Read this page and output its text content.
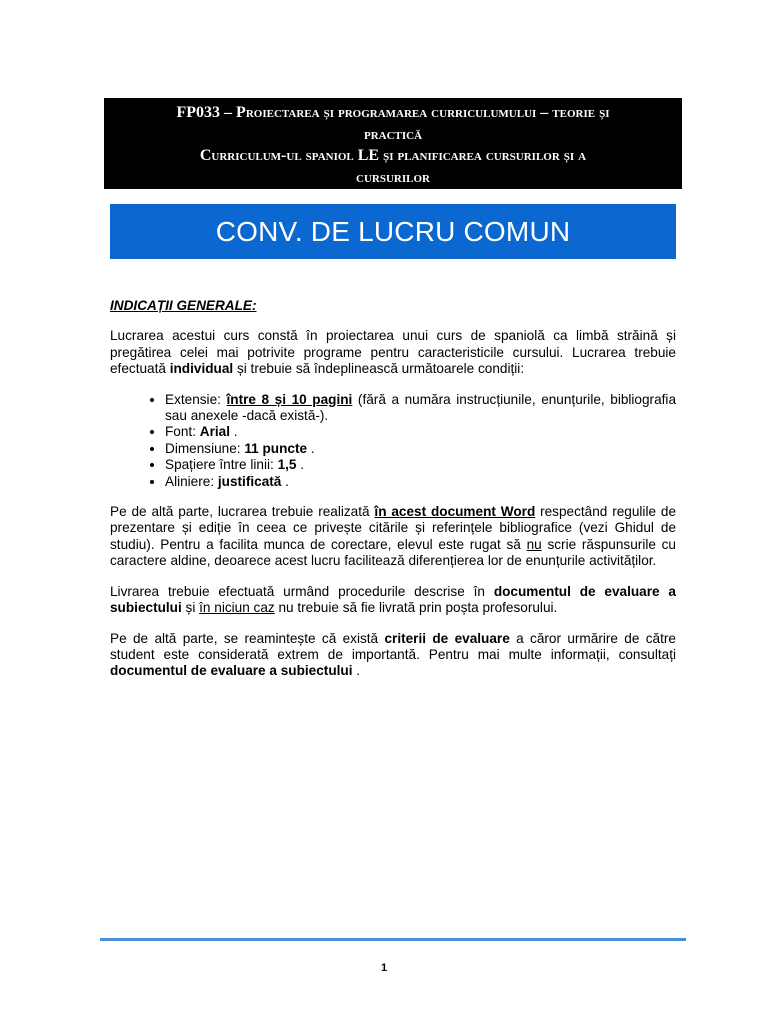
FP033 – Proiectarea și programarea curriculumului – teorie și
practică
Curriculum-ul spaniol LE și planificarea cursurilor și a
cursurilor
CONV. DE LUCRU COMUN
INDICAȚII GENERALE:

Lucrarea acestui curs constă în proiectarea unui curs de spaniolă ca limbă străină și pregătirea celei mai potrivite programe pentru caracteristicile cursului. Lucrarea trebuie efectuată individual și trebuie să îndeplinească următoarele condiții:

• Extensie: între 8 și 10 pagini (fără a număra instrucțiunile, enunțurile, bibliografia sau anexele -dacă există-).
• Font: Arial .
• Dimensiune: 11 puncte .
• Spațiere între linii: 1,5 .
• Aliniere: justificată .

Pe de altă parte, lucrarea trebuie realizată în acest document Word respectând regulile de prezentare și ediție în ceea ce privește citările și referințele bibliografice (vezi Ghidul de studiu). Pentru a facilita munca de corectare, elevul este rugat să nu scrie răspunsurile cu caractere aldine, deoarece acest lucru facilitează diferențierea lor de enunțurile activităților.

Livrarea trebuie efectuată urmând procedurile descrise în documentul de evaluare a subiectului și în niciun caz nu trebuie să fie livrată prin poșta profesorului.

Pe de altă parte, se reamintește că există criterii de evaluare a căror urmărire de către student este considerată extrem de importantă. Pentru mai multe informații, consultați documentul de evaluare a subiectului .

1
